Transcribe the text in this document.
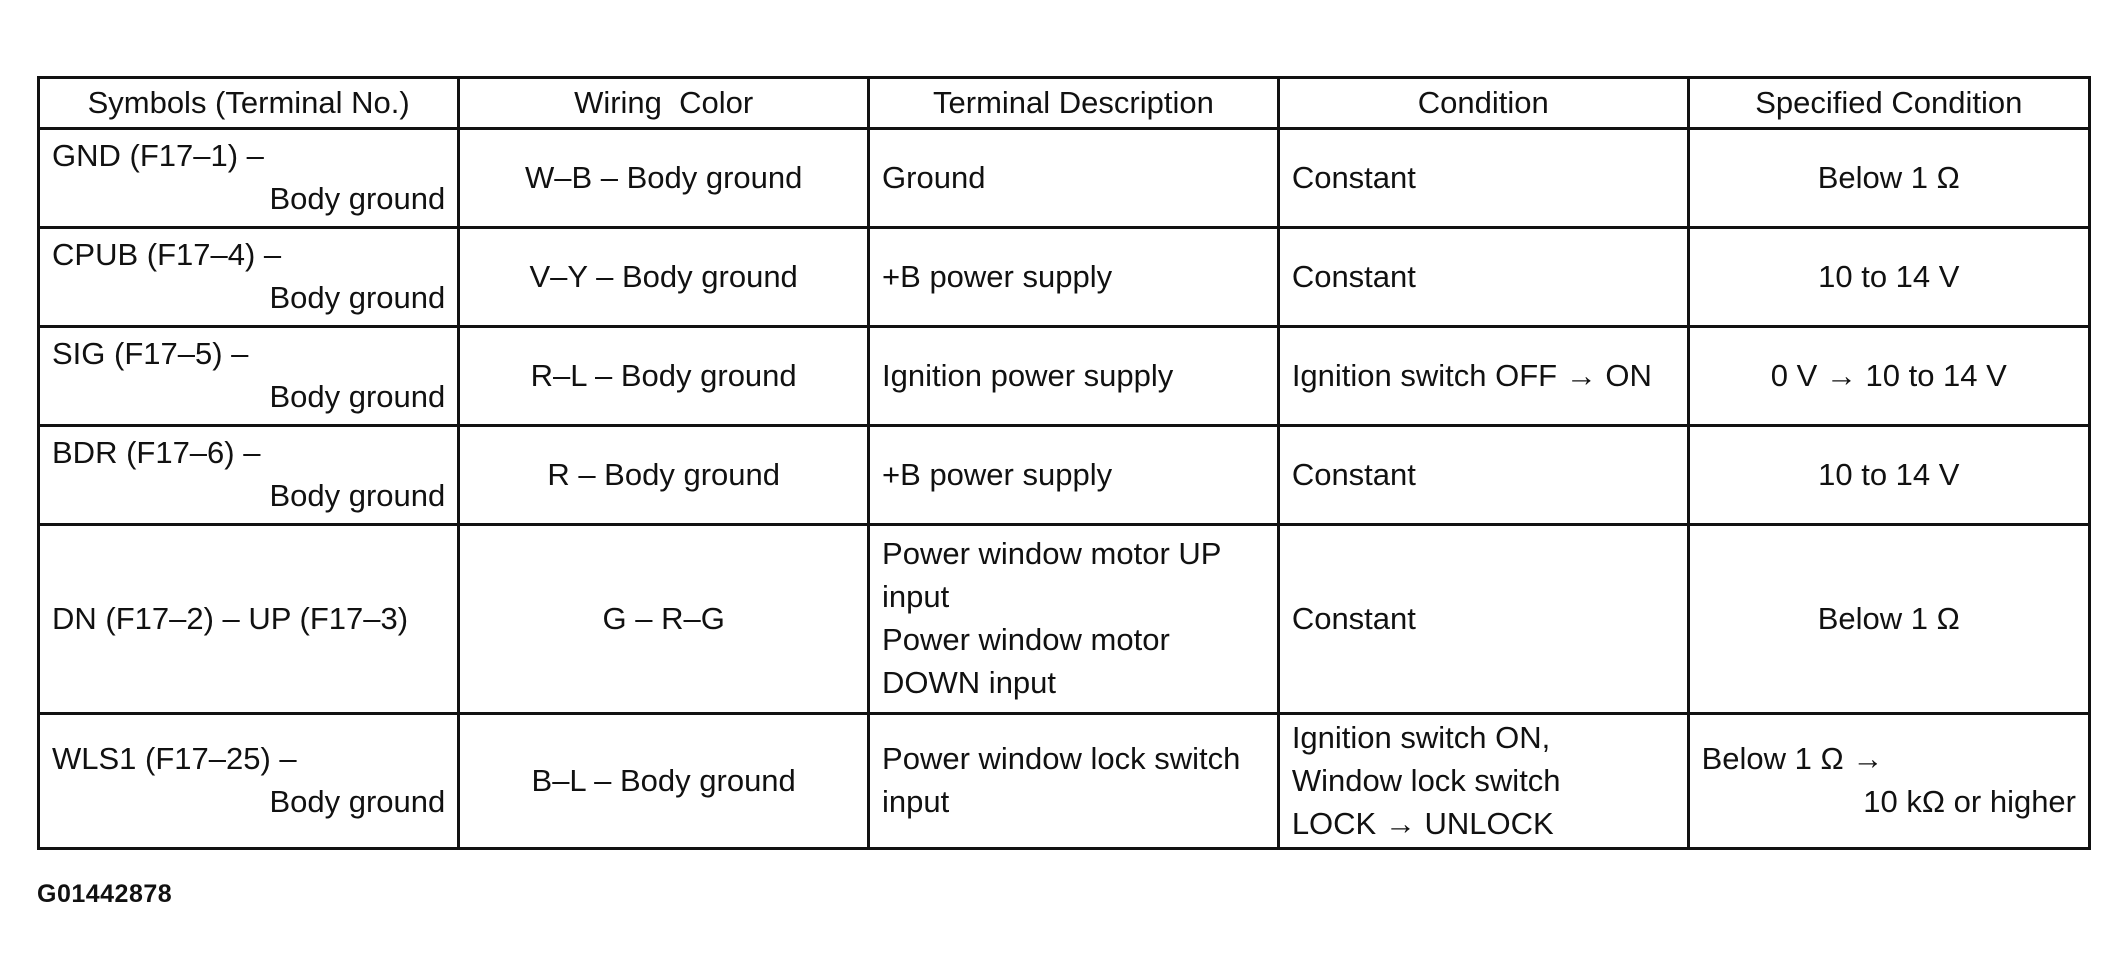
Symbols (Terminal No.)	Wiring  Color	Terminal Description	Condition	Specified Condition

GND (F17–1) –
Body ground	W–B – Body ground	Ground	Constant	Below 1 Ω

CPUB (F17–4) –
Body ground	V–Y – Body ground	+B power supply	Constant	10 to 14 V

SIG (F17–5) –
Body ground	R–L – Body ground	Ignition power supply	Ignition switch OFF → ON	0 V → 10 to 14 V

BDR (F17–6) –
Body ground	R – Body ground	+B power supply	Constant	10 to 14 V

DN (F17–2) – UP (F17–3)	G – R–G	Power window motor UP
input
Power window motor
DOWN input	Constant	Below 1 Ω

WLS1 (F17–25) –
Body ground	B–L – Body ground	Power window lock switch
input	Ignition switch ON,
Window lock switch
LOCK → UNLOCK	Below 1 Ω →
10 kΩ or higher
G01442878
